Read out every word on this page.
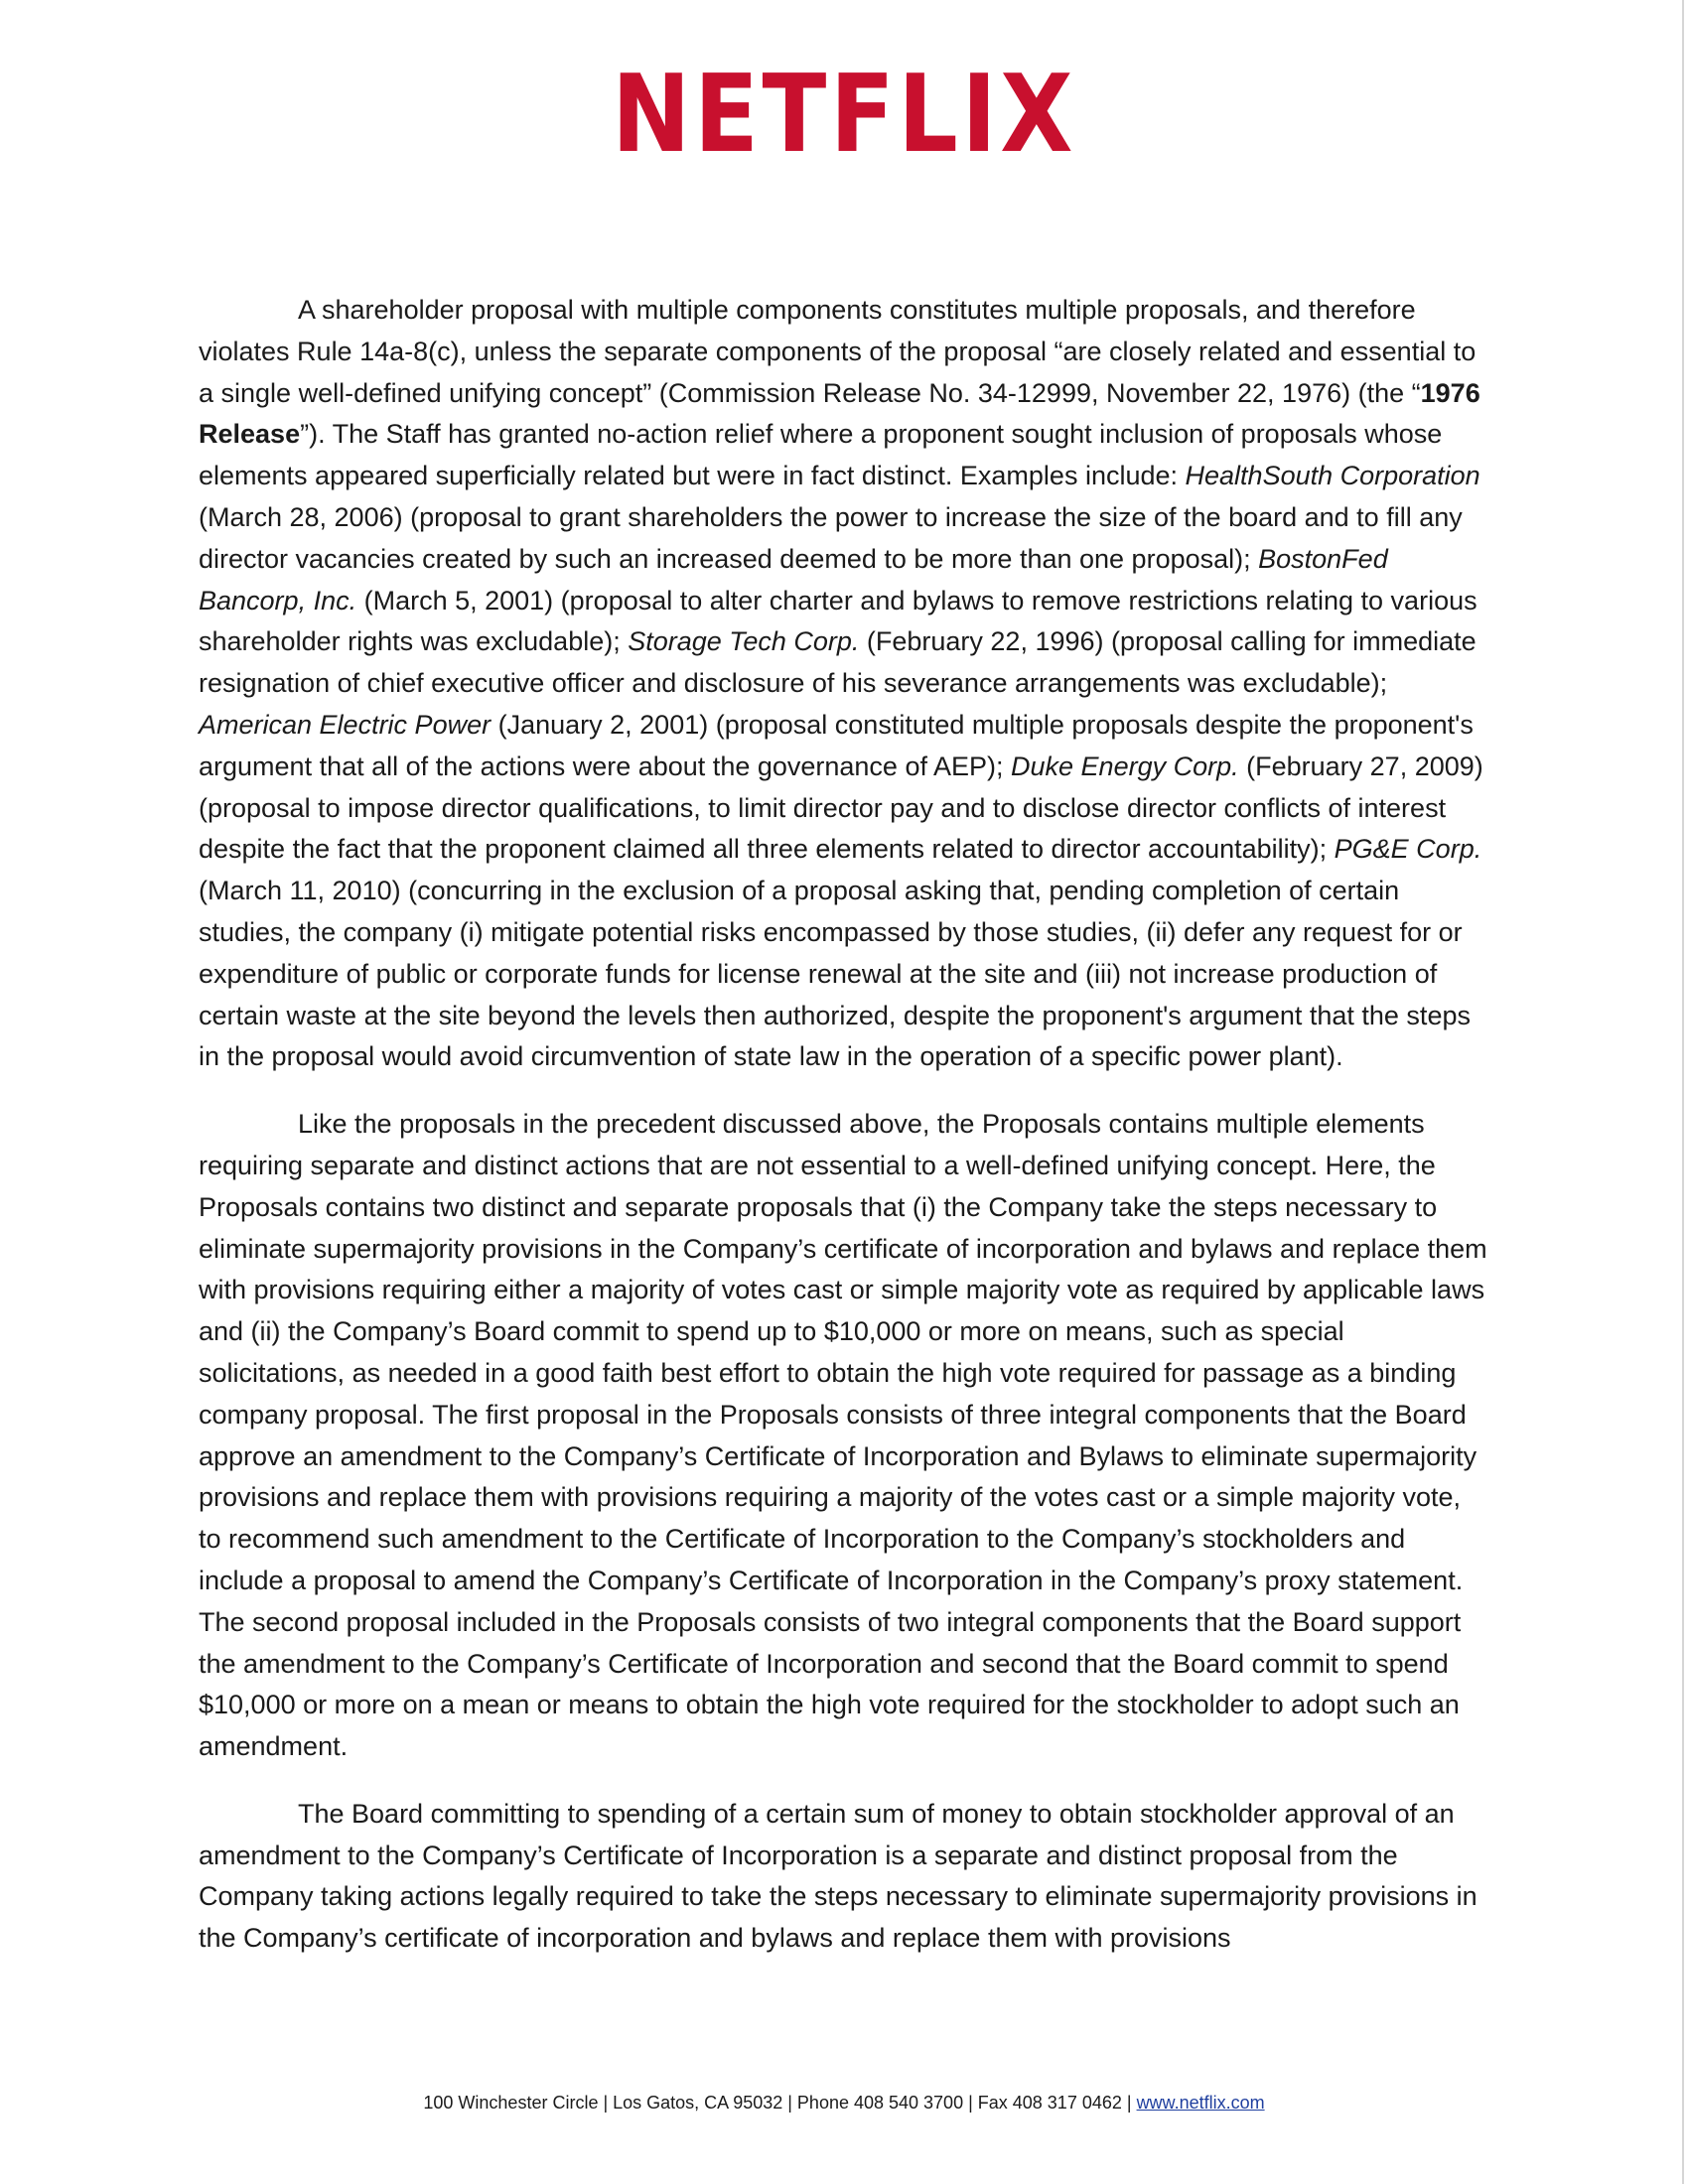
NETFLIX

A shareholder proposal with multiple components constitutes multiple proposals, and therefore violates Rule 14a-8(c), unless the separate components of the proposal “are closely related and essential to a single well-defined unifying concept” (Commission Release No. 34-12999, November 22, 1976) (the “1976 Release”). The Staff has granted no-action relief where a proponent sought inclusion of proposals whose elements appeared superficially related but were in fact distinct. Examples include: HealthSouth Corporation (March 28, 2006) (proposal to grant shareholders the power to increase the size of the board and to fill any director vacancies created by such an increased deemed to be more than one proposal); BostonFed Bancorp, Inc. (March 5, 2001) (proposal to alter charter and bylaws to remove restrictions relating to various shareholder rights was excludable); Storage Tech Corp. (February 22, 1996) (proposal calling for immediate resignation of chief executive officer and disclosure of his severance arrangements was excludable); American Electric Power (January 2, 2001) (proposal constituted multiple proposals despite the proponent's argument that all of the actions were about the governance of AEP); Duke Energy Corp. (February 27, 2009) (proposal to impose director qualifications, to limit director pay and to disclose director conflicts of interest despite the fact that the proponent claimed all three elements related to director accountability); PG&E Corp. (March 11, 2010) (concurring in the exclusion of a proposal asking that, pending completion of certain studies, the company (i) mitigate potential risks encompassed by those studies, (ii) defer any request for or expenditure of public or corporate funds for license renewal at the site and (iii) not increase production of certain waste at the site beyond the levels then authorized, despite the proponent's argument that the steps in the proposal would avoid circumvention of state law in the operation of a specific power plant).

Like the proposals in the precedent discussed above, the Proposals contains multiple elements requiring separate and distinct actions that are not essential to a well-defined unifying concept. Here, the Proposals contains two distinct and separate proposals that (i) the Company take the steps necessary to eliminate supermajority provisions in the Company’s certificate of incorporation and bylaws and replace them with provisions requiring either a majority of votes cast or simple majority vote as required by applicable laws and (ii) the Company’s Board commit to spend up to $10,000 or more on means, such as special solicitations, as needed in a good faith best effort to obtain the high vote required for passage as a binding company proposal. The first proposal in the Proposals consists of three integral components that the Board approve an amendment to the Company’s Certificate of Incorporation and Bylaws to eliminate supermajority provisions and replace them with provisions requiring a majority of the votes cast or a simple majority vote, to recommend such amendment to the Certificate of Incorporation to the Company’s stockholders and include a proposal to amend the Company’s Certificate of Incorporation in the Company’s proxy statement. The second proposal included in the Proposals consists of two integral components that the Board support the amendment to the Company’s Certificate of Incorporation and second that the Board commit to spend $10,000 or more on a mean or means to obtain the high vote required for the stockholder to adopt such an amendment.

The Board committing to spending of a certain sum of money to obtain stockholder approval of an amendment to the Company’s Certificate of Incorporation is a separate and distinct proposal from the Company taking actions legally required to take the steps necessary to eliminate supermajority provisions in the Company’s certificate of incorporation and bylaws and replace them with provisions

100 Winchester Circle | Los Gatos, CA 95032 | Phone 408 540 3700 | Fax 408 317 0462 | www.netflix.com
